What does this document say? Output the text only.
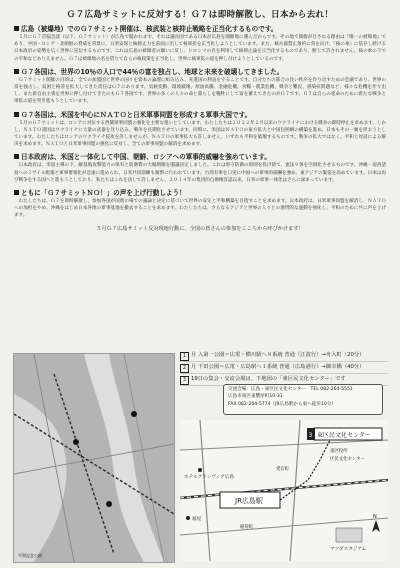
Ｇ７広島サミットに反対する！Ｇ７は即時解散し、日本から去れ！
広島（被爆地）でのＧ７サミット開催は、核武装と核抑止戦略を正当化するものです。

５月にＧ７首脳会談（以下、Ｇ７サミット）が広島で開かれます。それは議長国である日本が広島を開催地に選んだからです。その地で開催が目される理由は『唯一の被爆地』であり、中国・ロシア・北朝鮮の脅威を背景に、日米安保と核抑止力を前面に出して核軍拡を正当化しようとしています。また、核兵器禁止条約に背を向け、『核の傘』に依存し続ける日本政府の姿勢を広く世界に宣伝するものです。これは広島の被爆者の願いに反し、ヒロシマの名を利用して核抑止論を正当化するものであり、断じて許されません。核の傘の下での平和などありえません。Ｇ７は被爆地の名を借りて自らの核政策を正当化し、世界に核軍拡の道を押し付けようとしているのです。

Ｇ７各国は、世界の10％の人口で44％の富を独占し、地球と未来を破壊してきました。

Ｇ７サミット開催の目的は、全ての加盟国と世界の国々を資本の論理に組み込み、先進国の利益を守ることです。自分たちの都合の良い秩序を作り出すための会議であり、世界の富を独占し、貧困と格差を拡大してきた責任はＧ７にあります。気候変動、環境破壊、原油高騰、金融危機、食糧・農業危機、戦争と難民、感染症問題など、様々な危機を作り出し、また新自由主義を世界に押し付けてきたのもＧ７各国です。世界の多くの人々の命と暮らしを犠牲にして富を蓄えてきたのがＧ７です。Ｇ７は自らの延命のために新たな戦争と軍拡の道を突き進もうとしています。

Ｇ７各国は、米国を中心にＮＡＴＯと日米軍事同盟を形成する軍事大国です。

５月のＧ７サミットは、ロシアに対抗する西側軍事同盟の強化を主要な狙いとしています。わたしたちは２０２２年２月以来のウクライナにおける戦争の即時停止を求めます。しかし、ＮＡＴＯ諸国はウクライナに大量の武器を送り込み、戦争を長期化させています。同時に、米国はＮＡＴＯの東方拡大と中国包囲網の構築を進め、日本もその一翼を担おうとしています。わたしたちはロシアのウクライナ侵攻を許しませんが、ＮＡＴＯの軍事拡大も許しません。いずれも平和を破壊するものです。戦争の拡大ではなく、平和と対話による解決を求めます。ＮＡＴＯと日米軍事同盟の強化に反対し、全ての軍事同盟の解消を求めます。

日本政府は、米国と一体化して中国、朝鮮、ロシアへの軍事的威嚇を強めています。

日本政府は、米国主導の下、敵基地攻撃能力の保有と防衛費の大幅増額を閣議決定しました。これは専守防衛の原則を投げ捨て、憲法９条を空洞化させるものです。沖縄・南西諸島へのミサイル配備と軍事要塞化が急速に進められ、日米共同訓練も頻繁に行われています。台湾有事を口実に中国への軍事的威嚇を強め、東アジアの緊張を高めています。日本は再び戦争をする国へと進もうとしており、私たちはこれを決して許しません。２０１４年の集団的自衛権容認以来、日米の軍事一体化はさらに深まっています。

ともに「Ｇ７サミットＮＯ！」の声を上げ行動しよう！

わたしたちは、Ｇ７を即時解散し、参加各国が国連の場での議論と決定に基づいて世界の安定と平和構築を目指すことを求めます。日本政府は、日米軍事同盟を解消し、ＮＡＴＯへの加担をやめ、沖縄をはじめ日本各地の軍事基地を撤去することを求めます。わたしたちは、さらなるアジアと世界の人々との連帯的な運動を強化し、平和のために共に声を上げます。

５月Ｇ７広島サミット反対現地行動に、全国の皆さんの参加をこころから呼びかけます！
平和記念公園
1 月 入第一公園＝広電・横川駅へ８系統 普通（江波行）→舟入町（20分）
2 月 千田公園＝広電・広島駅へ１系統 普通（広島港行）→御幸橋（40分）
3 19日の集会・交流会場は、下地図の「東区民文化センター」です
交流会場：広島・東区民文化センター　 TEL 082-264-5551
広島市東区東蟹屋町10-31
FAX 082-264-5774（JR広島駅から東へ徒歩10分）
JR広島駅
3 東区民文化センター
ホテルグランヴィア広島
福屋
マツダスタジアム
東区役所
区民文化センター
愛宕町
稲荷町
N
